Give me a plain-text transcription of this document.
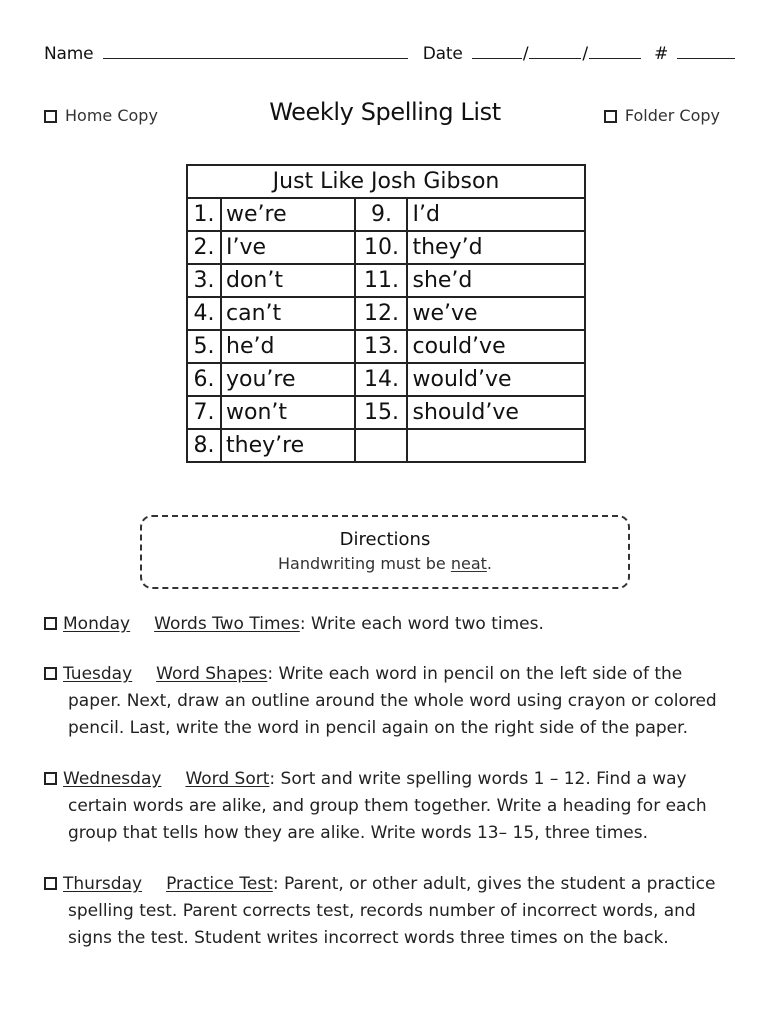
Name	Date	/	/	#
Weekly Spelling List
Home Copy	Folder Copy
Just Like Josh Gibson			
1.	we’re	9.	I’d
2.	I’ve	10.	they’d
3.	don’t	11.	she’d
4.	can’t	12.	we’ve
5.	he’d	13.	could’ve
6.	you’re	14.	would’ve
7.	won’t	15.	should’ve
8.	they’re		
Directions
Handwriting must be neat.
Monday Words Two Times: Write each word two times.
Tuesday Word Shapes: Write each word in pencil on the left side of the
paper. Next, draw an outline around the whole word using crayon or colored
pencil. Last, write the word in pencil again on the right side of the paper.
Wednesday Word Sort: Sort and write spelling words 1 – 12. Find a way
certain words are alike, and group them together. Write a heading for each
group that tells how they are alike. Write words 13– 15, three times.
Thursday Practice Test: Parent, or other adult, gives the student a practice
spelling test. Parent corrects test, records number of incorrect words, and
signs the test. Student writes incorrect words three times on the back.
